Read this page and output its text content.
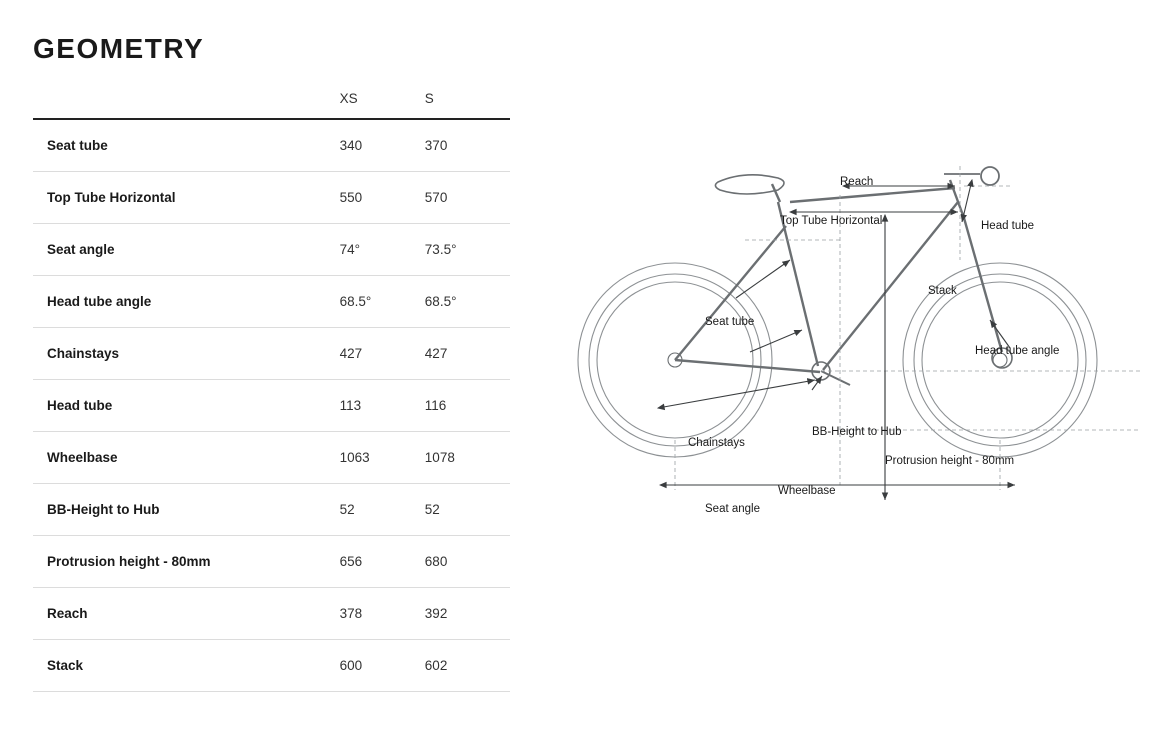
GEOMETRY
	XS	S
Seat tube	340	370
Top Tube Horizontal	550	570
Seat angle	74°	73.5°
Head tube angle	68.5°	68.5°
Chainstays	427	427
Head tube	113	116
Wheelbase	1063	1078
BB-Height to Hub	52	52
Protrusion height - 80mm	656	680
Reach	378	392
Stack	600	602
Reach
Top Tube Horizontal	Head tube
Stack
Seat tube
Seat angle
Head tube angle
Chainstays
BB-Height to Hub
Protrusion height - 80mm
Wheelbase
